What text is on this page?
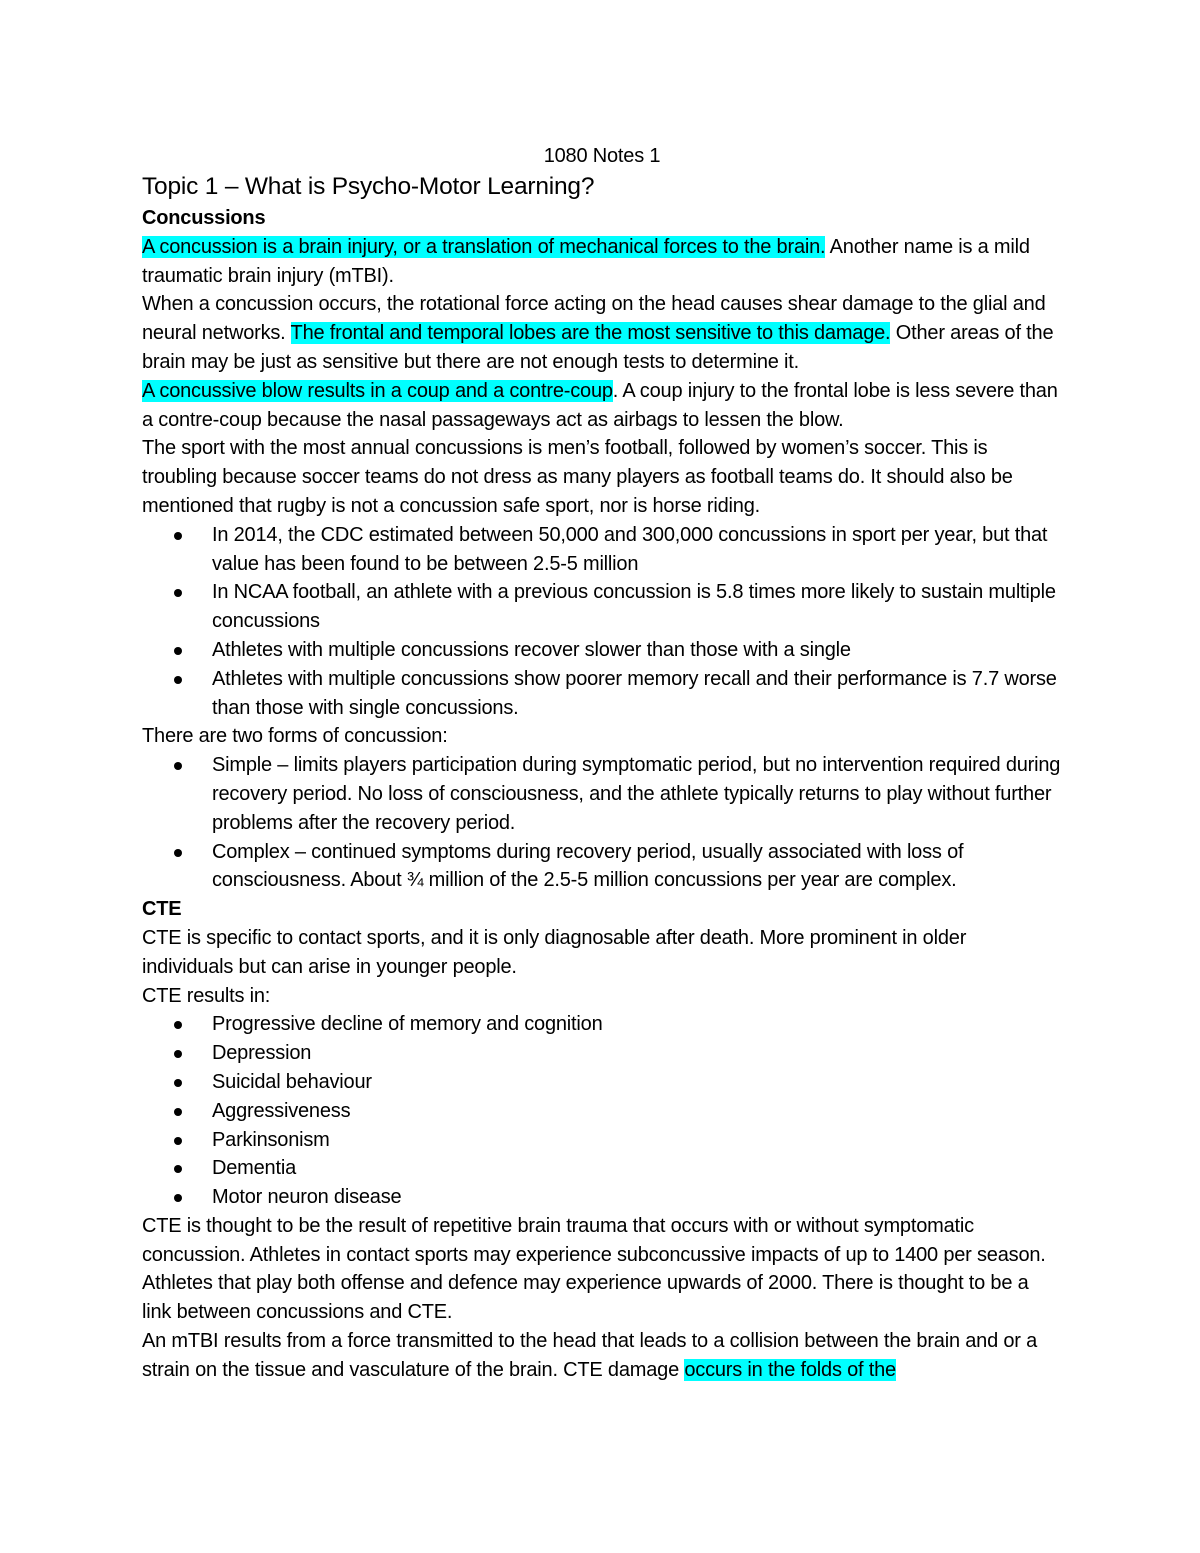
1080 Notes 1

Topic 1 – What is Psycho-Motor Learning?

Concussions

A concussion is a brain injury, or a translation of mechanical forces to the brain. Another name is a mild traumatic brain injury (mTBI).

When a concussion occurs, the rotational force acting on the head causes shear damage to the glial and neural networks. The frontal and temporal lobes are the most sensitive to this damage. Other areas of the brain may be just as sensitive but there are not enough tests to determine it.

A concussive blow results in a coup and a contre-coup. A coup injury to the frontal lobe is less severe than a contre-coup because the nasal passageways act as airbags to lessen the blow.

The sport with the most annual concussions is men’s football, followed by women’s soccer. This is troubling because soccer teams do not dress as many players as football teams do. It should also be mentioned that rugby is not a concussion safe sport, nor is horse riding.

In 2014, the CDC estimated between 50,000 and 300,000 concussions in sport per year, but that value has been found to be between 2.5-5 million
In NCAA football, an athlete with a previous concussion is 5.8 times more likely to sustain multiple concussions
Athletes with multiple concussions recover slower than those with a single
Athletes with multiple concussions show poorer memory recall and their performance is 7.7 worse than those with single concussions.

There are two forms of concussion:

Simple – limits players participation during symptomatic period, but no intervention required during recovery period. No loss of consciousness, and the athlete typically returns to play without further problems after the recovery period.
Complex – continued symptoms during recovery period, usually associated with loss of consciousness. About ¾ million of the 2.5-5 million concussions per year are complex.

CTE

CTE is specific to contact sports, and it is only diagnosable after death. More prominent in older individuals but can arise in younger people.

CTE results in:

Progressive decline of memory and cognition
Depression
Suicidal behaviour
Aggressiveness
Parkinsonism
Dementia
Motor neuron disease

CTE is thought to be the result of repetitive brain trauma that occurs with or without symptomatic concussion. Athletes in contact sports may experience subconcussive impacts of up to 1400 per season. Athletes that play both offense and defence may experience upwards of 2000. There is thought to be a link between concussions and CTE.

An mTBI results from a force transmitted to the head that leads to a collision between the brain and or a strain on the tissue and vasculature of the brain. CTE damage occurs in the folds of the
